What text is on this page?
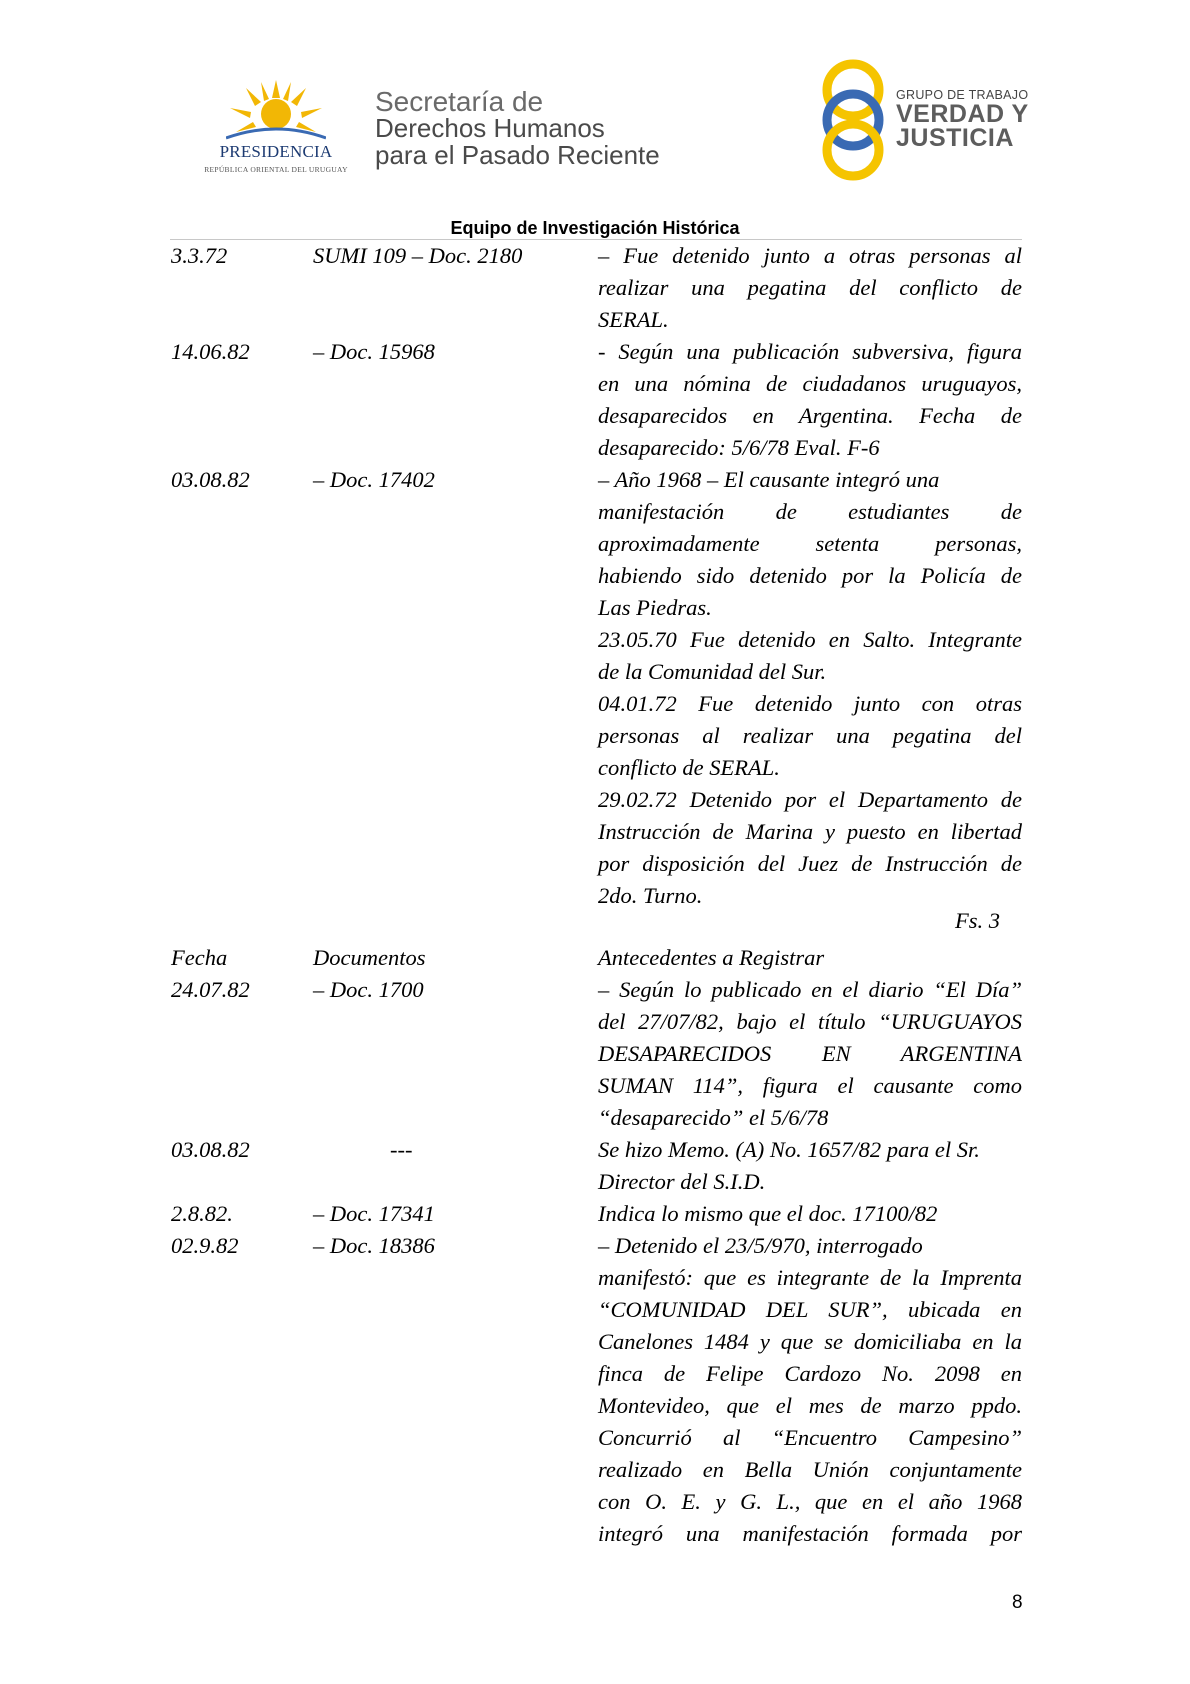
PRESIDENCIA
REPÚBLICA ORIENTAL DEL URUGUAY
Secretaría de
Derechos Humanos
para el Pasado Reciente
GRUPO DE TRABAJO
VERDAD Y
JUSTICIA
Equipo de Investigación Histórica
3.3.72	SUMI 109 – Doc. 2180	– Fue detenido junto a otras personas al
realizar una pegatina del conflicto de
SERAL.
14.06.82	– Doc. 15968	- Según una publicación subversiva, figura
en una nómina de ciudadanos uruguayos,
desaparecidos en Argentina. Fecha de
desaparecido: 5/6/78 Eval. F-6
03.08.82	– Doc. 17402	– Año 1968 – El causante integró una
manifestación de estudiantes de
aproximadamente setenta personas,
habiendo sido detenido por la Policía de
Las Piedras.
23.05.70 Fue detenido en Salto. Integrante
de la Comunidad del Sur.
04.01.72 Fue detenido junto con otras
personas al realizar una pegatina del
conflicto de SERAL.
29.02.72 Detenido por el Departamento de
Instrucción de Marina y puesto en libertad
por disposición del Juez de Instrucción de
2do. Turno.
Fs. 3
Fecha	Documentos	Antecedentes a Registrar
24.07.82	– Doc. 1700	– Según lo publicado en el diario “El Día”
del 27/07/82, bajo el título “URUGUAYOS
DESAPARECIDOS EN ARGENTINA
SUMAN 114”, figura el causante como
“desaparecido” el 5/6/78
03.08.82	---	Se hizo Memo. (A) No. 1657/82 para el Sr.
Director del S.I.D.
2.8.82.	– Doc. 17341	Indica lo mismo que el doc. 17100/82
02.9.82	– Doc. 18386	– Detenido el 23/5/970, interrogado
manifestó: que es integrante de la Imprenta
“COMUNIDAD DEL SUR”, ubicada en
Canelones 1484 y que se domiciliaba en la
finca de Felipe Cardozo No. 2098 en
Montevideo, que el mes de marzo ppdo.
Concurrió al “Encuentro Campesino”
realizado en Bella Unión conjuntamente
con O. E. y G. L., que en el año 1968
integró una manifestación formada por
8
